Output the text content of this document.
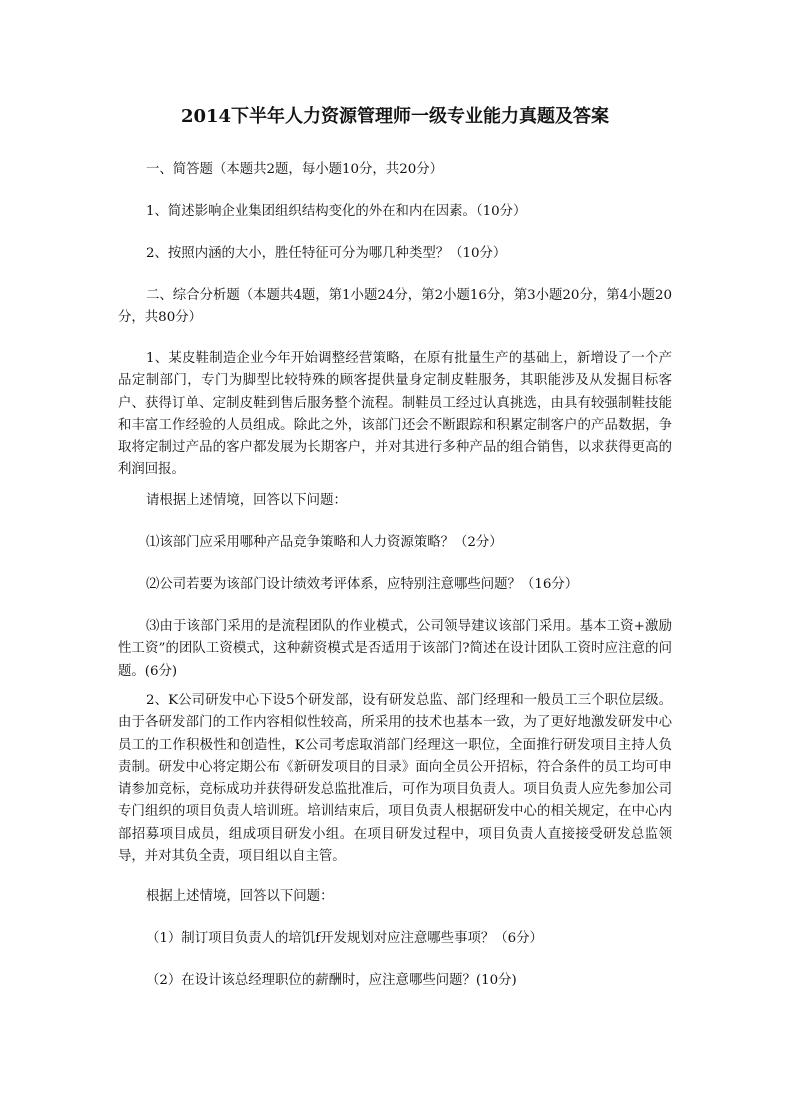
2014下半年人力资源管理师一级专业能力真题及答案
一、简答题（本题共2题，每小题10分，共20分）
1、简述影响企业集团组织结构变化的外在和内在因素。（10分）
2、按照内涵的大小，胜任特征可分为哪几种类型？（10分）
二、综合分析题（本题共4题，第1小题24分，第2小题16分，第3小题20分，第4小题20分，共80分）
1、某皮鞋制造企业今年开始调整经营策略，在原有批量生产的基础上，新增设了一个产品定制部门，专门为脚型比较特殊的顾客提供量身定制皮鞋服务，其职能涉及从发掘目标客户、获得订单、定制皮鞋到售后服务整个流程。制鞋员工经过认真挑选，由具有较强制鞋技能和丰富工作经验的人员组成。除此之外，该部门还会不断跟踪和积累定制客户的产品数据，争取将定制过产品的客户都发展为长期客户，并对其进行多种产品的组合销售，以求获得更高的利润回报。
请根据上述情境，回答以下问题：
⑴该部门应采用哪种产品竞争策略和人力资源策略？（2分）
⑵公司若要为该部门设计绩效考评体系，应特别注意哪些问题？（16分）
⑶由于该部门采用的是流程团队的作业模式，公司领导建议该部门采用。基本工资+激励性工资”的团队工资模式，这种薪资模式是否适用于该部门?简述在设计团队工资时应注意的问题。(6分)
2、K公司研发中心下设5个研发部，设有研发总监、部门经理和一般员工三个职位层级。由于各研发部门的工作内容相似性较高，所采用的技术也基本一致，为了更好地激发研发中心员工的工作积极性和创造性，K公司考虑取消部门经理这一职位，全面推行研发项目主持人负责制。研发中心将定期公布《新研发项目的目录》面向全员公开招标，符合条件的员工均可申请参加竞标，竞标成功并获得研发总监批准后，可作为项目负责人。项目负责人应先参加公司专门组织的项目负责人培训班。培训结束后，项目负责人根据研发中心的相关规定，在中心内部招募项目成员，组成项目研发小组。在项目研发过程中，项目负责人直接接受研发总监领导，并对其负全责，项目组以自主管。
根据上述情境，回答以下问题：
（1）制订项目负责人的培饥f开发规划对应注意哪些事项？（6分）
（2）在设计该总经理职位的薪酬时，应注意哪些问题？(10分)
